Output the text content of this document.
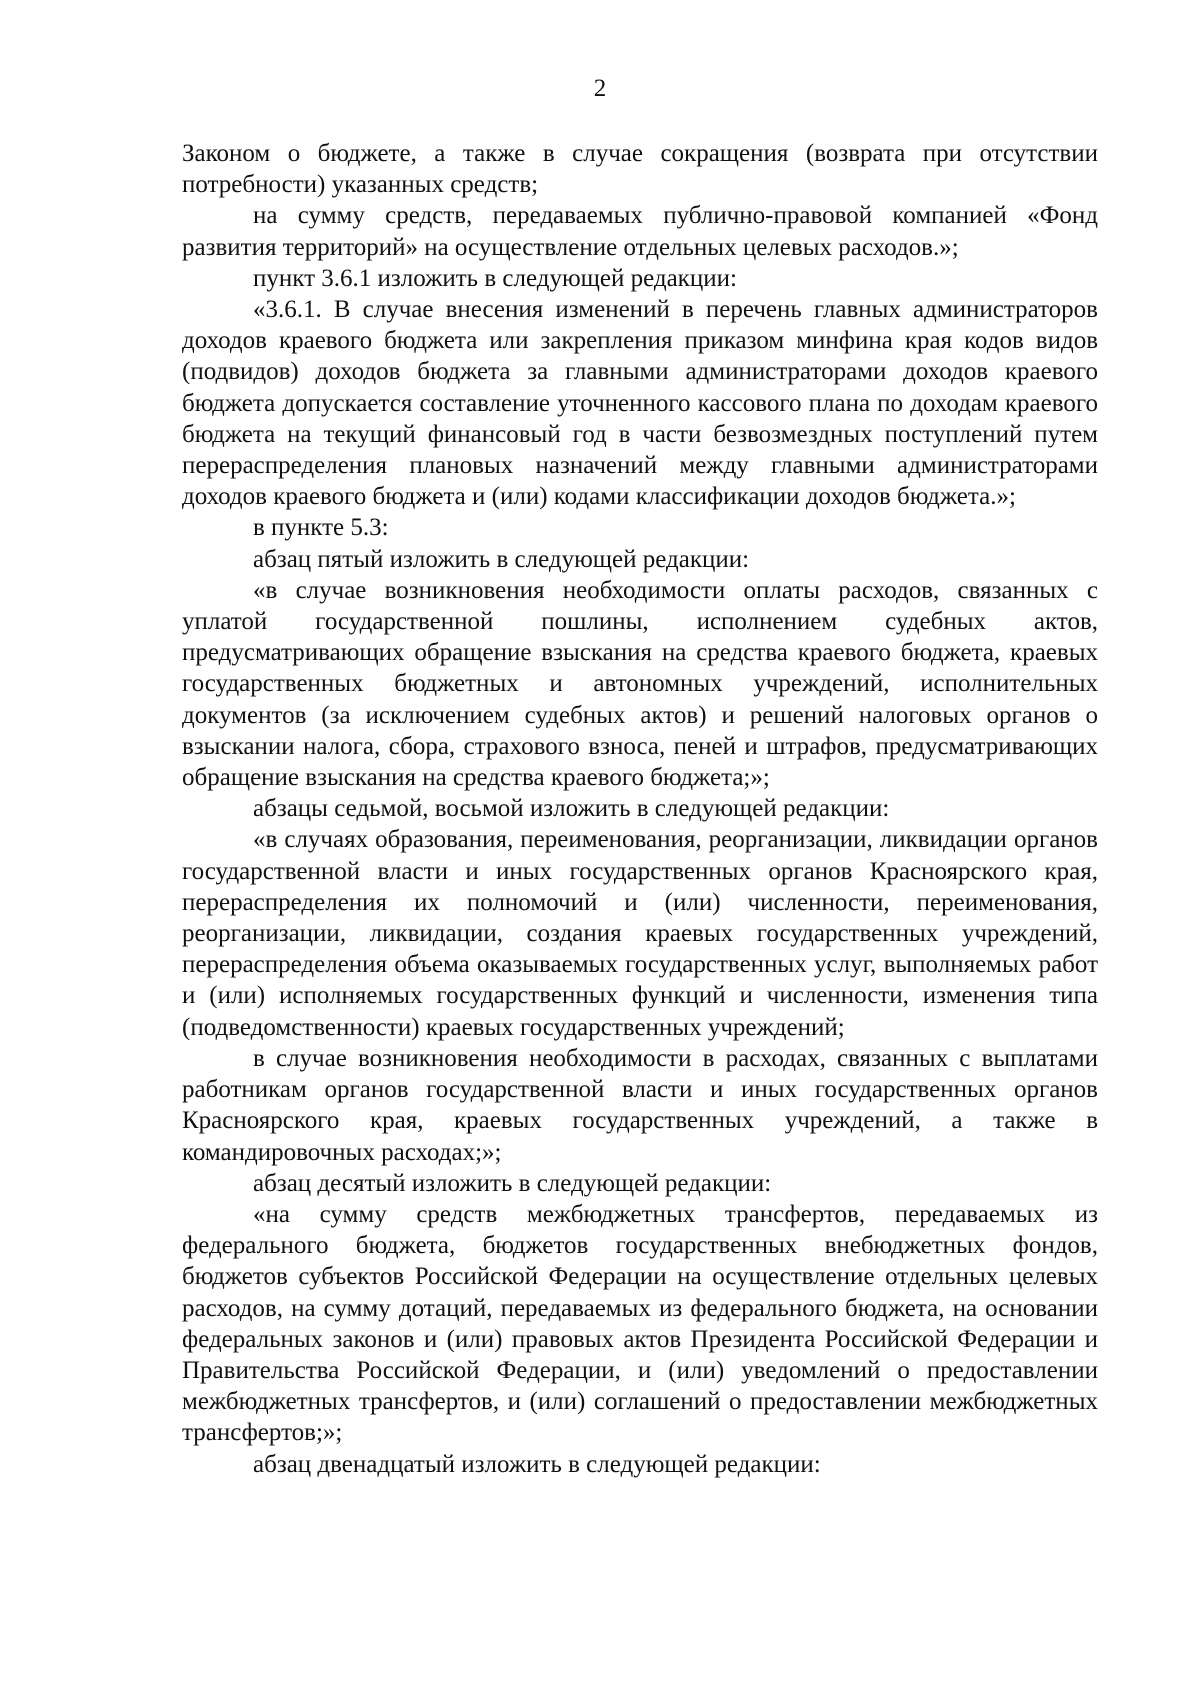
2

Законом о бюджете, а также в случае сокращения (возврата при отсутствии потребности) указанных средств;

на сумму средств, передаваемых публично-правовой компанией «Фонд развития территорий» на осуществление отдельных целевых расходов.»;

пункт 3.6.1 изложить в следующей редакции:

«3.6.1. В случае внесения изменений в перечень главных администраторов доходов краевого бюджета или закрепления приказом минфина края кодов видов (подвидов) доходов бюджета за главными администраторами доходов краевого бюджета допускается составление уточненного кассового плана по доходам краевого бюджета на текущий финансовый год в части безвозмездных поступлений путем перераспределения плановых назначений между главными администраторами доходов краевого бюджета и (или) кодами классификации доходов бюджета.»;

в пункте 5.3:

абзац пятый изложить в следующей редакции:

«в случае возникновения необходимости оплаты расходов, связанных с уплатой государственной пошлины, исполнением судебных актов, предусматривающих обращение взыскания на средства краевого бюджета, краевых государственных бюджетных и автономных учреждений, исполнительных документов (за исключением судебных актов) и решений налоговых органов о взыскании налога, сбора, страхового взноса, пеней и штрафов, предусматривающих обращение взыскания на средства краевого бюджета;»;

абзацы седьмой, восьмой изложить в следующей редакции:

«в случаях образования, переименования, реорганизации, ликвидации органов государственной власти и иных государственных органов Красноярского края, перераспределения их полномочий и (или) численности, переименования, реорганизации, ликвидации, создания краевых государственных учреждений, перераспределения объема оказываемых государственных услуг, выполняемых работ и (или) исполняемых государственных функций и численности, изменения типа (подведомственности) краевых государственных учреждений;

в случае возникновения необходимости в расходах, связанных с выплатами работникам органов государственной власти и иных государственных органов Красноярского края, краевых государственных учреждений, а также в командировочных расходах;»;

абзац десятый изложить в следующей редакции:

«на сумму средств межбюджетных трансфертов, передаваемых из федерального бюджета, бюджетов государственных внебюджетных фондов, бюджетов субъектов Российской Федерации на осуществление отдельных целевых расходов, на сумму дотаций, передаваемых из федерального бюджета, на основании федеральных законов и (или) правовых актов Президента Российской Федерации и Правительства Российской Федерации, и (или) уведомлений о предоставлении межбюджетных трансфертов, и (или) соглашений о предоставлении межбюджетных трансфертов;»;

абзац двенадцатый изложить в следующей редакции:
